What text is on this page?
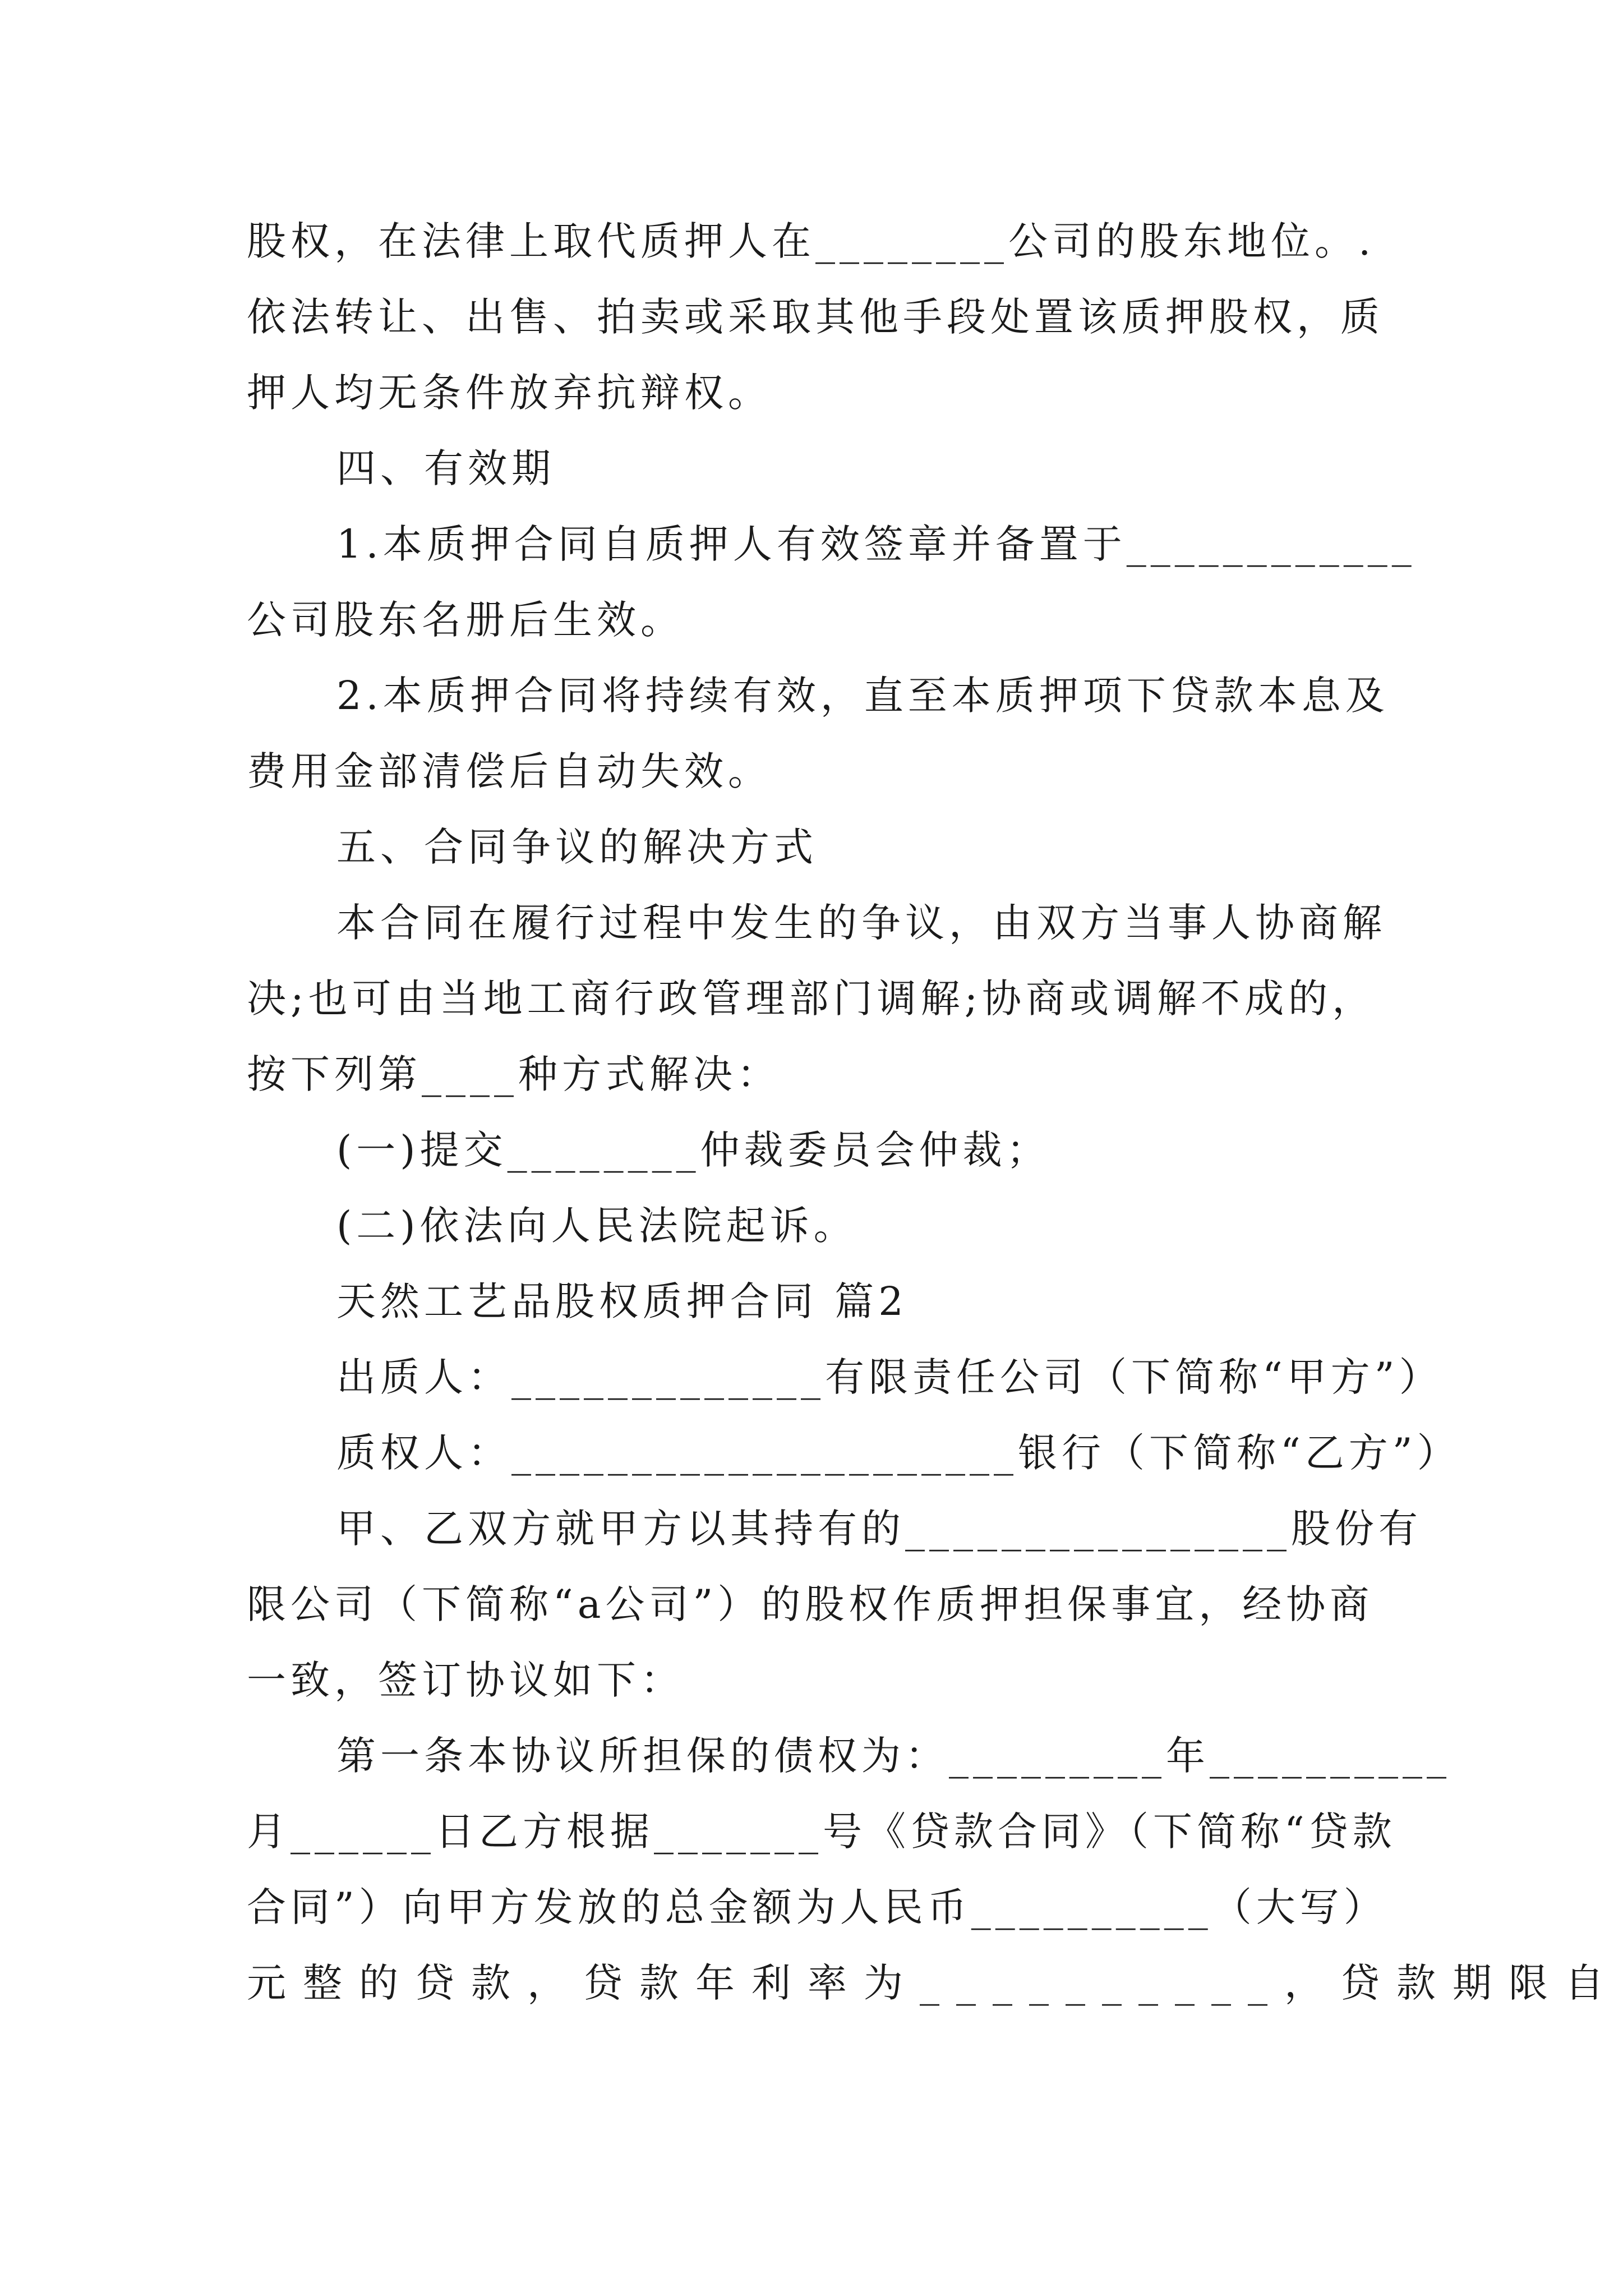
股权，在法律上取代质押人在________公司的股东地位。.
依法转让、出售、拍卖或采取其他手段处置该质押股权，质
押人均无条件放弃抗辩权。
四、有效期
1.本质押合同自质押人有效签章并备置于____________
公司股东名册后生效。
2.本质押合同将持续有效，直至本质押项下贷款本息及
费用金部清偿后自动失效。
五、合同争议的解决方式
本合同在履行过程中发生的争议，由双方当事人协商解
决;也可由当地工商行政管理部门调解;协商或调解不成的，
按下列第____种方式解决：
(一)提交________仲裁委员会仲裁；
(二)依法向人民法院起诉。
天然工艺品股权质押合同 篇2
出质人：_____________有限责任公司（下简称“甲方”）
质权人：_____________________银行（下简称“乙方”）
甲、乙双方就甲方以其持有的________________股份有
限公司（下简称“a公司”）的股权作质押担保事宜，经协商
一致，签订协议如下：
第一条本协议所担保的债权为：_________年__________
月______日乙方根据_______号《贷款合同》（下简称“贷款
合同”）向甲方发放的总金额为人民币__________（大写）
元整的贷款，贷款年利率为__________，贷款期限自
